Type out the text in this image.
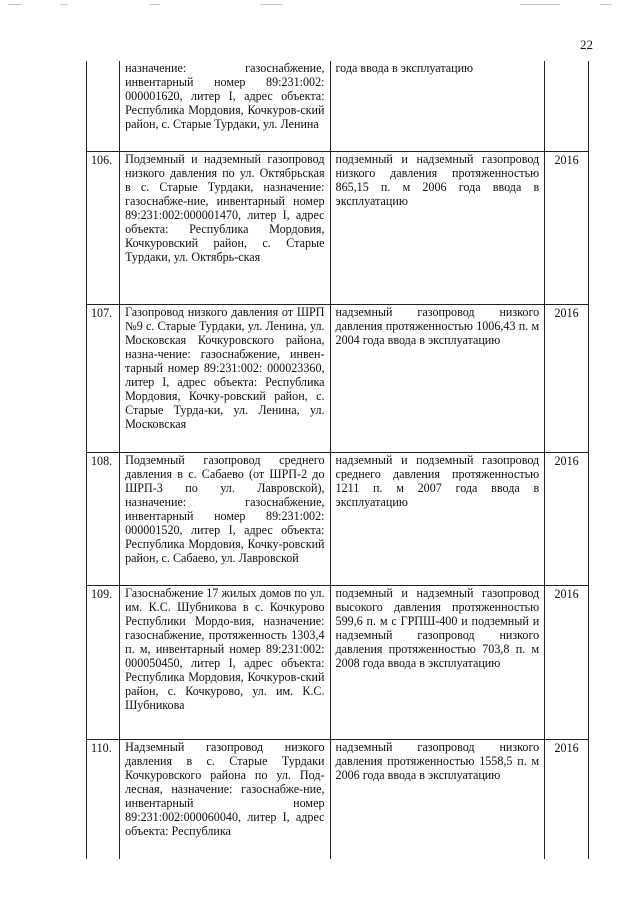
22
	назначение: газоснабжение, инвентарный номер 89:231:002: 000001620, литер I, адрес объекта: Республика Мордовия, Кочкуров-ский район, с. Старые Турдаки, ул. Ленина	года ввода в эксплуатацию	
106.	Подземный и надземный газопровод низкого давления по ул. Октябрьская в с. Старые Турдаки, назначение: газоснабже-ние, инвентарный номер 89:231:002:000001470, литер I, адрес объекта: Республика Мордовия, Кочкуровский район, с. Старые Турдаки, ул. Октябрь-ская	подземный и надземный газопровод низкого давления протяженностью 865,15 п. м 2006 года ввода в эксплуатацию	2016
107.	Газопровод низкого давления от ШРП №9 с. Старые Турдаки, ул. Ленина, ул. Московская Кочкуровского района, назна-чение: газоснабжение, инвен-тарный номер 89:231:002: 000023360, литер I, адрес объекта: Республика Мордовия, Кочку-ровский район, с. Старые Турда-ки, ул. Ленина, ул. Московская	надземный газопровод низкого давления протяженностью 1006,43 п. м 2004 года ввода в эксплуатацию	2016
108.	Подземный газопровод среднего давления в с. Сабаево (от ШРП-2 до ШРП-3 по ул. Лавровской), назначение: газоснабжение, инвентарный номер 89:231:002: 000001520, литер I, адрес объекта: Республика Мордовия, Кочку-ровский район, с. Сабаево, ул. Лавровской	надземный и подземный газопровод среднего давления протяженностью 1211 п. м 2007 года ввода в эксплуатацию	2016
109.	Газоснабжение 17 жилых домов по ул. им. К.С. Шубникова в с. Кочкурово Республики Мордо-вия, назначение: газоснабжение, протяженность 1303,4 п. м, инвентарный номер 89:231:002: 000050450, литер I, адрес объекта: Республика Мордовия, Кочкуров-ский район, с. Кочкурово, ул. им. К.С. Шубникова	подземный и надземный газопровод высокого давления протяженностью 599,6 п. м с ГРПШ-400 и подземный и надземный газопровод низкого давления протяженностью 703,8 п. м 2008 года ввода в эксплуатацию	2016
110.	Надземный газопровод низкого давления в с. Старые Турдаки Кочкуровского района по ул. Под-лесная, назначение: газоснабже-ние, инвентарный номер 89:231:002:000060040, литер I, адрес объекта: Республика	надземный газопровод низкого давления протяженностью 1558,5 п. м 2006 года ввода в эксплуатацию	2016
